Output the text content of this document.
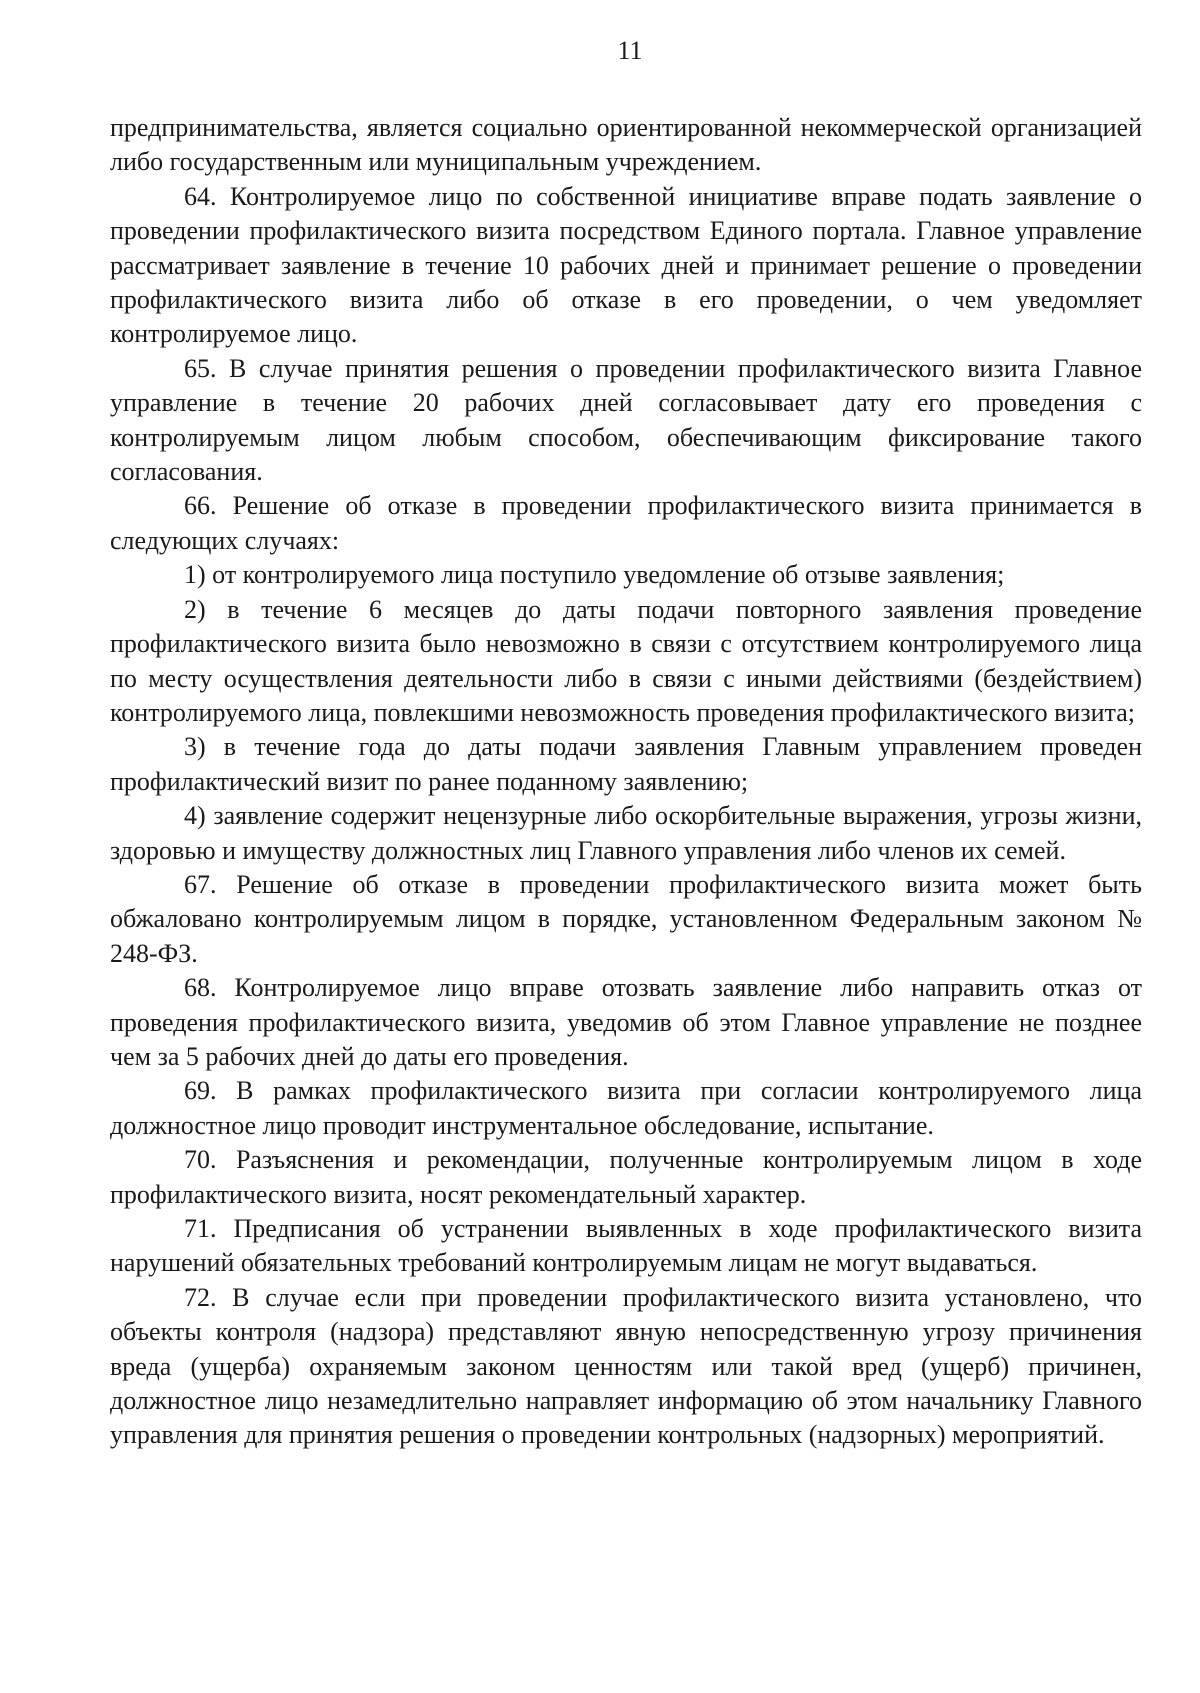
11

предпринимательства, является социально ориентированной некоммерческой организацией либо государственным или муниципальным учреждением.

64. Контролируемое лицо по собственной инициативе вправе подать заявление о проведении профилактического визита посредством Единого портала. Главное управление рассматривает заявление в течение 10 рабочих дней и принимает решение о проведении профилактического визита либо об отказе в его проведении, о чем уведомляет контролируемое лицо.

65. В случае принятия решения о проведении профилактического визита Главное управление в течение 20 рабочих дней согласовывает дату его проведения с контролируемым лицом любым способом, обеспечивающим фиксирование такого согласования.

66. Решение об отказе в проведении профилактического визита принимается в следующих случаях:

1) от контролируемого лица поступило уведомление об отзыве заявления;

2) в течение 6 месяцев до даты подачи повторного заявления проведение профилактического визита было невозможно в связи с отсутствием контролируемого лица по месту осуществления деятельности либо в связи с иными действиями (бездействием) контролируемого лица, повлекшими невозможность проведения профилактического визита;

3) в течение года до даты подачи заявления Главным управлением проведен профилактический визит по ранее поданному заявлению;

4) заявление содержит нецензурные либо оскорбительные выражения, угрозы жизни, здоровью и имуществу должностных лиц Главного управления либо членов их семей.

67. Решение об отказе в проведении профилактического визита может быть обжаловано контролируемым лицом в порядке, установленном Федеральным законом № 248-ФЗ.

68. Контролируемое лицо вправе отозвать заявление либо направить отказ от проведения профилактического визита, уведомив об этом Главное управление не позднее чем за 5 рабочих дней до даты его проведения.

69. В рамках профилактического визита при согласии контролируемого лица должностное лицо проводит инструментальное обследование, испытание.

70. Разъяснения и рекомендации, полученные контролируемым лицом в ходе профилактического визита, носят рекомендательный характер.

71. Предписания об устранении выявленных в ходе профилактического визита нарушений обязательных требований контролируемым лицам не могут выдаваться.

72. В случае если при проведении профилактического визита установлено, что объекты контроля (надзора) представляют явную непосредственную угрозу причинения вреда (ущерба) охраняемым законом ценностям или такой вред (ущерб) причинен, должностное лицо незамедлительно направляет информацию об этом начальнику Главного управления для принятия решения о проведении контрольных (надзорных) мероприятий.
